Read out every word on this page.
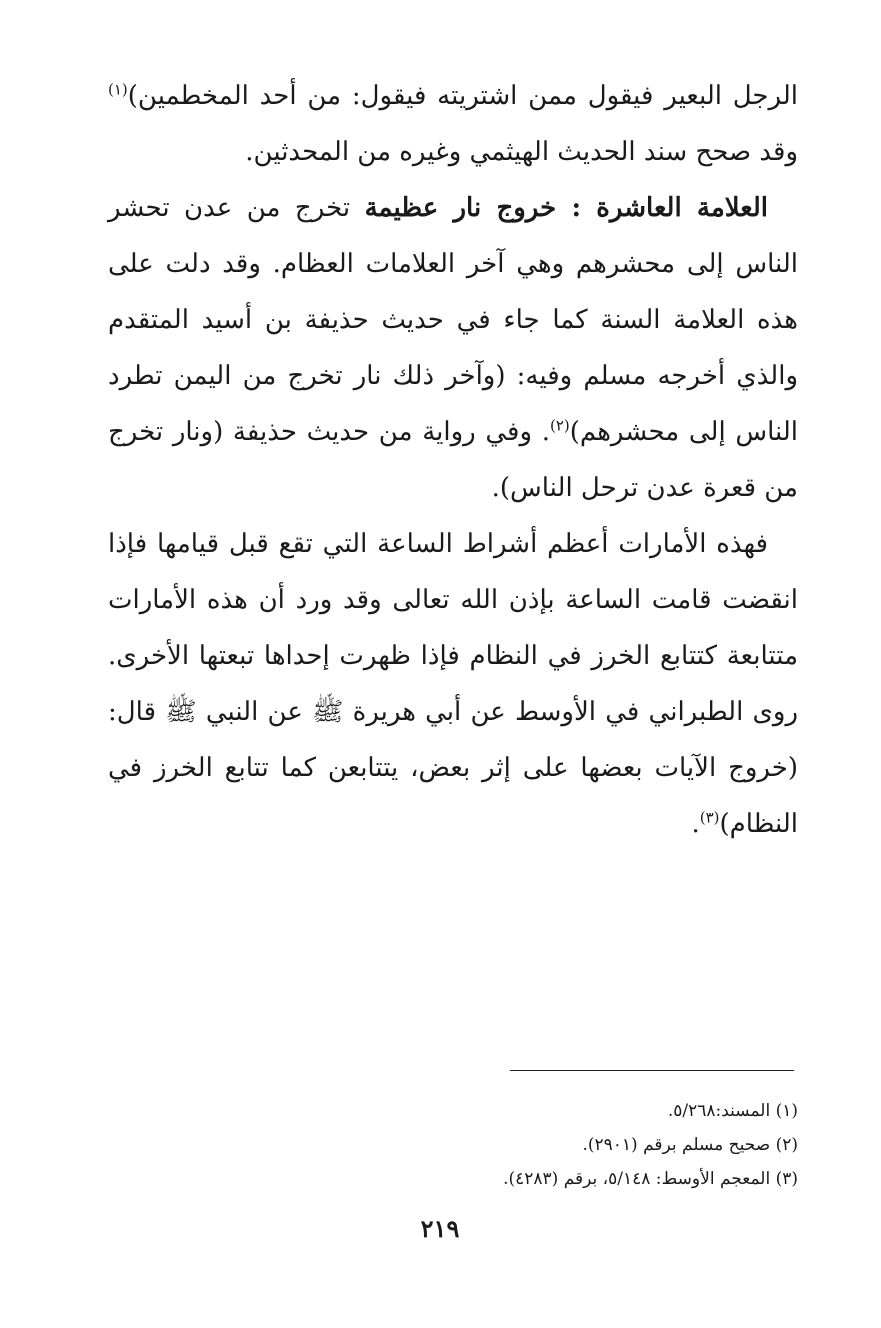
الرجل البعير فيقول ممن اشتريته فيقول: من أحد المخطمين)$^{(١)}$ وقد صحح سند الحديث الهيثمي وغيره من المحدثين.

العلامة العاشرة : خروج نار عظيمة تخرج من عدن تحشر الناس إلى محشرهم وهي آخر العلامات العظام. وقد دلت على هذه العلامة السنة كما جاء في حديث حذيفة بن أسيد المتقدم والذي أخرجه مسلم وفيه: (وآخر ذلك نار تخرج من اليمن تطرد الناس إلى محشرهم)$^{(٢)}$. وفي رواية من حديث حذيفة (ونار تخرج من قعرة عدن ترحل الناس).

فهذه الأمارات أعظم أشراط الساعة التي تقع قبل قيامها فإذا انقضت قامت الساعة بإذن الله تعالى وقد ورد أن هذه الأمارات متتابعة كتتابع الخرز في النظام فإذا ظهرت إحداها تبعتها الأخرى. روى الطبراني في الأوسط عن أبي هريرة ﷺ عن النبي ﷺ قال: (خروج الآيات بعضها على إثر بعض، يتتابعن كما تتابع الخرز في النظام)$^{(٣)}$.

(١) المسند:٥/٢٦٨.
(٢) صحيح مسلم برقم (٢٩٠١).
(٣) المعجم الأوسط: ٥/١٤٨، برقم (٤٢٨٣).
٢١٩
